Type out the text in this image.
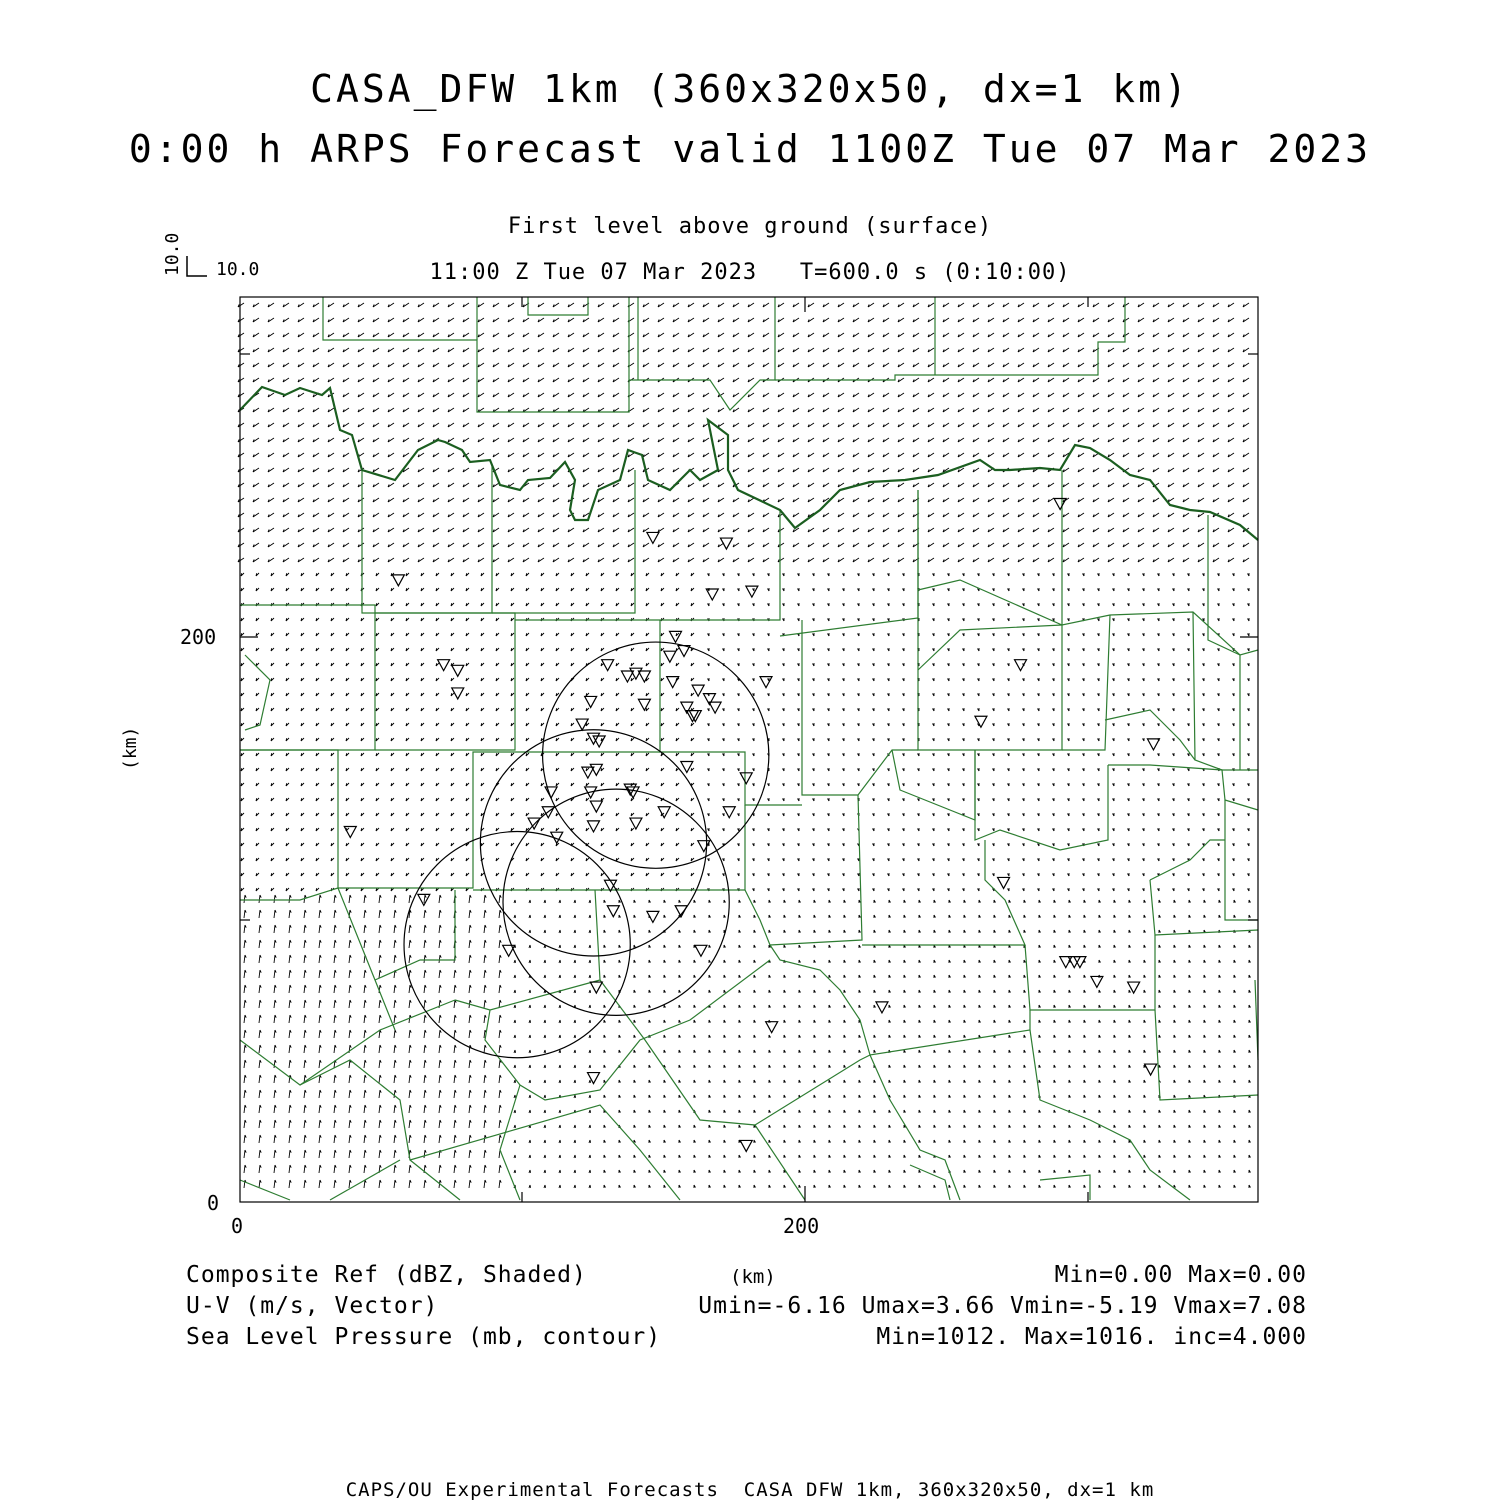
CASA_DFW 1km (360x320x50, dx=1 km)
0:00 h ARPS Forecast valid 1100Z Tue 07 Mar 2023
First level above ground (surface)
11:00 Z Tue 07 Mar 2023   T=600.0 s (0:10:00)
10.0
10.0
200
0
0	200
(km)
(km)
Composite Ref (dBZ, Shaded)	Min=0.00 Max=0.00
U-V (m/s, Vector)	Umin=-6.16 Umax=3.66 Vmin=-5.19 Vmax=7.08
Sea Level Pressure (mb, contour)	Min=1012. Max=1016. inc=4.000
CAPS/OU Experimental Forecasts  CASA DFW 1km, 360x320x50, dx=1 km
